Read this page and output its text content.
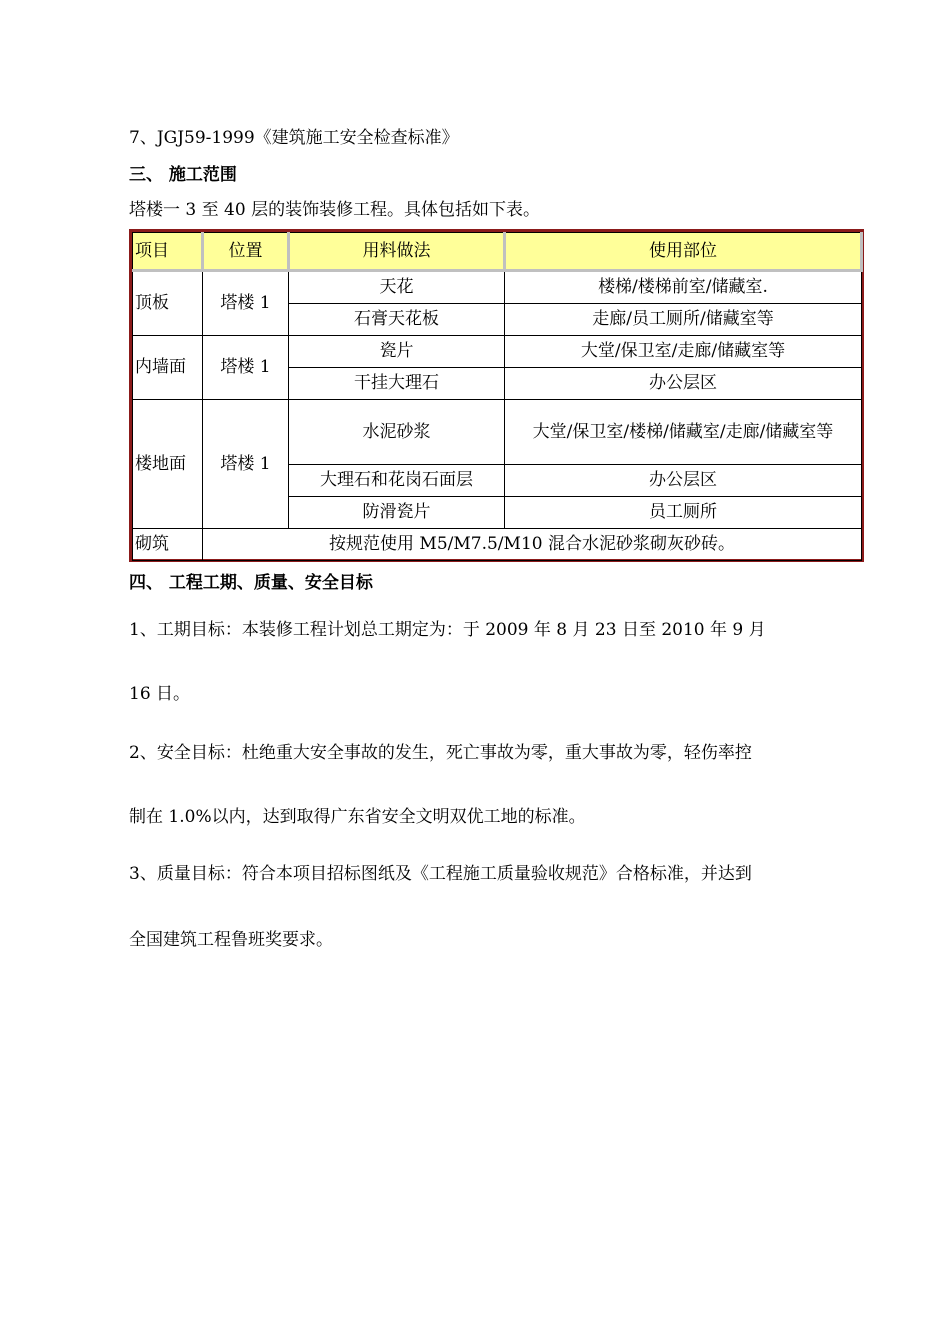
7、JGJ59-1999《建筑施工安全检查标准》
三、 施工范围
塔楼一 3 至 40 层的装饰装修工程。具体包括如下表。
项目	位置	用料做法	使用部位
顶板	塔楼 1	天花	楼梯/楼梯前室/储藏室.
		石膏天花板	走廊/员工厕所/储藏室等
内墙面	塔楼 1	瓷片	大堂/保卫室/走廊/储藏室等
		干挂大理石	办公层区
楼地面	塔楼 1	水泥砂浆	大堂/保卫室/楼梯/储藏室/走廊/储藏室等
		大理石和花岗石面层	办公层区
		防滑瓷片	员工厕所
砌筑	按规范使用 M5/M7.5/M10 混合水泥砂浆砌灰砂砖。		
四、 工程工期、质量、安全目标
1、工期目标：本装修工程计划总工期定为：于 2009 年 8 月 23 日至 2010 年 9 月
16 日。
2、安全目标：杜绝重大安全事故的发生，死亡事故为零，重大事故为零，轻伤率控
制在 1.0%以内，达到取得广东省安全文明双优工地的标准。
3、质量目标：符合本项目招标图纸及《工程施工质量验收规范》合格标准，并达到
全国建筑工程鲁班奖要求。
